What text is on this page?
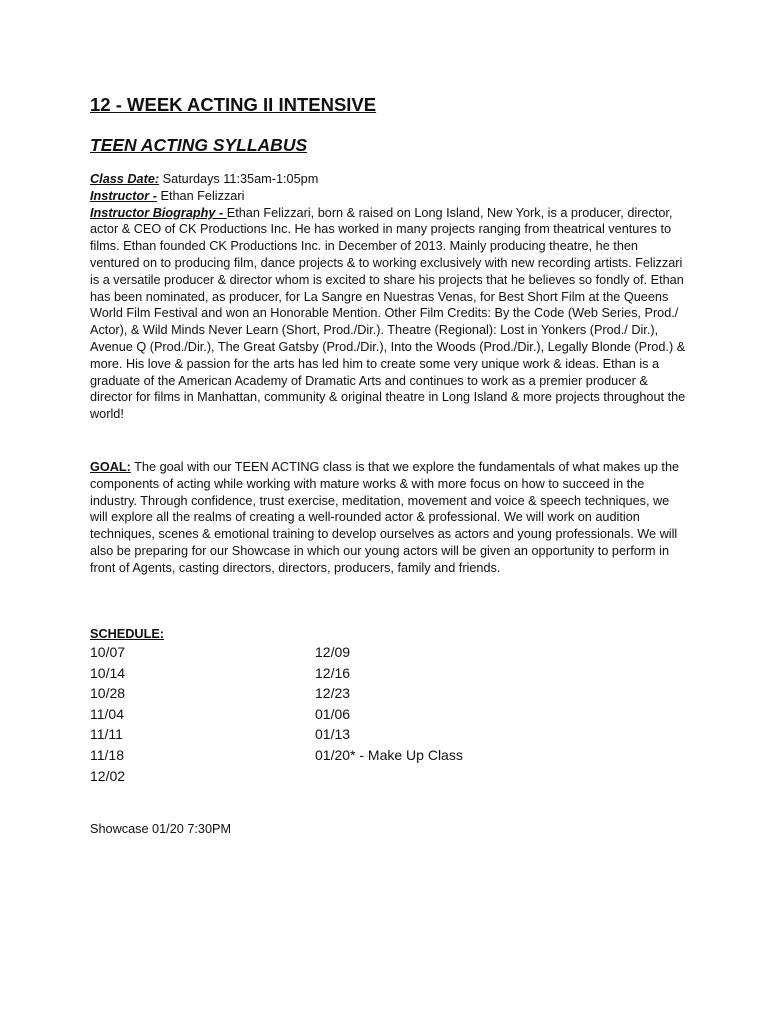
12 - WEEK ACTING II INTENSIVE
TEEN ACTING SYLLABUS
Class Date: Saturdays 11:35am-1:05pm
Instructor - Ethan Felizzari
Instructor Biography - Ethan Felizzari, born & raised on Long Island, New York, is a producer, director, actor & CEO of CK Productions Inc. He has worked in many projects ranging from theatrical ventures to films. Ethan founded CK Productions Inc. in December of 2013. Mainly producing theatre, he then ventured on to producing film, dance projects & to working exclusively with new recording artists. Felizzari is a versatile producer & director whom is excited to share his projects that he believes so fondly of. Ethan has been nominated, as producer, for La Sangre en Nuestras Venas, for Best Short Film at the Queens World Film Festival and won an Honorable Mention. Other Film Credits: By the Code (Web Series, Prod./ Actor), & Wild Minds Never Learn (Short, Prod./Dir.). Theatre (Regional): Lost in Yonkers (Prod./ Dir.), Avenue Q (Prod./Dir.), The Great Gatsby (Prod./Dir.), Into the Woods (Prod./Dir.), Legally Blonde (Prod.) & more. His love & passion for the arts has led him to create some very unique work & ideas. Ethan is a graduate of the American Academy of Dramatic Arts and continues to work as a premier producer & director for films in Manhattan, community & original theatre in Long Island & more projects throughout the world!
GOAL: The goal with our TEEN ACTING class is that we explore the fundamentals of what makes up the components of acting while working with mature works & with more focus on how to succeed in the industry. Through confidence, trust exercise, meditation, movement and voice & speech techniques, we will explore all the realms of creating a well-rounded actor & professional. We will work on audition techniques, scenes & emotional training to develop ourselves as actors and young professionals. We will also be preparing for our Showcase in which our young actors will be given an opportunity to perform in front of Agents, casting directors, directors, producers, family and friends.
SCHEDULE:
10/07
10/14
10/28
11/04
11/11
11/18
12/02
12/09
12/16
12/23
01/06
01/13
01/20* - Make Up Class
Showcase 01/20 7:30PM
